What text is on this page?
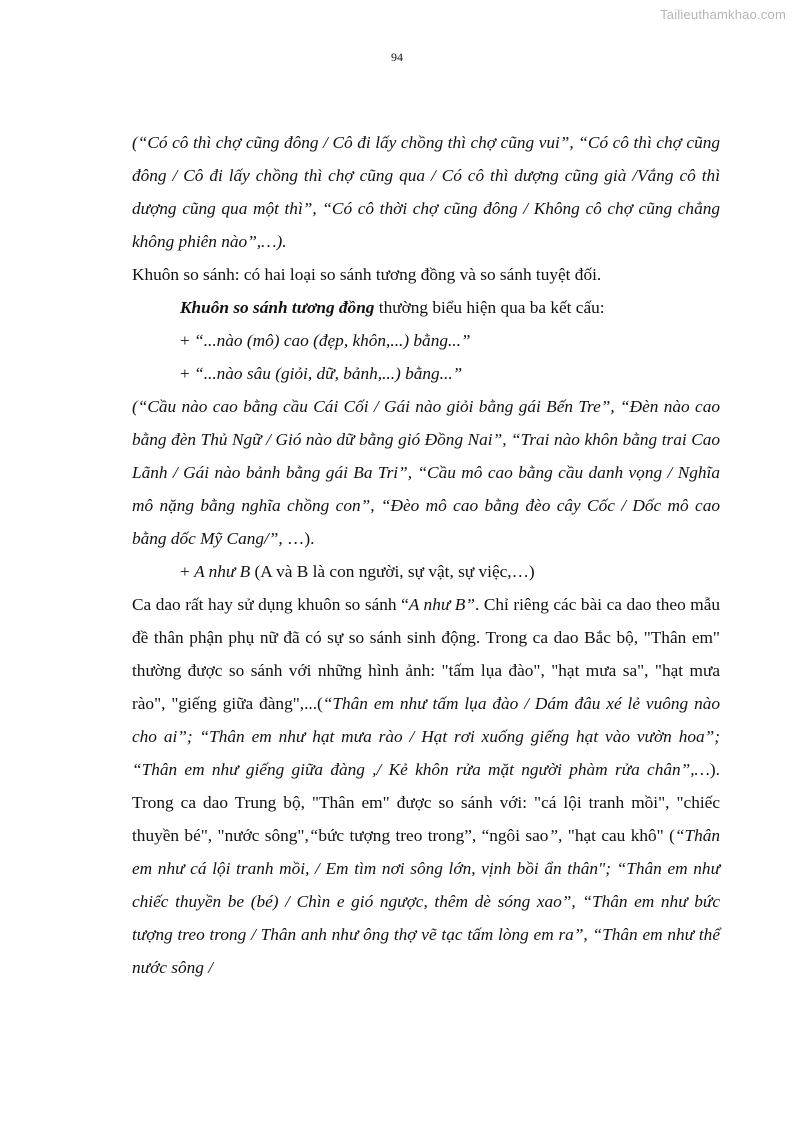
Tailieuthamkhao.com
94

(“Có cô thì chợ cũng đông / Cô đi lấy chồng thì chợ cũng vui”, “Có cô thì chợ cũng đông / Cô đi lấy chồng thì chợ cũng qua / Có cô thì dượng cũng già /Vắng cô thì dượng cũng qua một thì”, “Có cô thời chợ cũng đông / Không cô chợ cũng chẳng không phiên nào”,…).

Khuôn so sánh: có hai loại so sánh tương đồng và so sánh tuyệt đối.

Khuôn so sánh tương đồng thường biểu hiện qua ba kết cấu:

+ “...nào (mô) cao (đẹp, khôn,...) bằng...”

+ “...nào sâu (giỏi, dữ, bảnh,...) bằng...”

(“Cầu nào cao bằng cầu Cái Cối / Gái nào giỏi bằng gái Bến Tre”, “Đèn nào cao bằng đèn Thủ Ngữ / Gió nào dữ bằng gió Đồng Nai”, “Trai nào khôn bằng trai Cao Lãnh / Gái nào bảnh bằng gái Ba Tri”, “Cầu mô cao bằng cầu danh vọng / Nghĩa mô nặng bằng nghĩa chồng con”, “Đèo mô cao bằng đèo cây Cốc / Dốc mô cao bằng dốc Mỹ Cang/”, …).

+ A như B (A và B là con người, sự vật, sự việc,…)

Ca dao rất hay sử dụng khuôn so sánh “A như B”. Chỉ riêng các bài ca dao theo mẫu đề thân phận phụ nữ đã có sự so sánh sinh động. Trong ca dao Bắc bộ, "Thân em" thường được so sánh với những hình ảnh: "tấm lụa đào", "hạt mưa sa", "hạt mưa rào", "giếng giữa đàng",...(“Thân em như tấm lụa đào / Dám đâu xé lẻ vuông nào cho ai”; “Thân em như hạt mưa rào / Hạt rơi xuống giếng hạt vào vườn hoa”; “Thân em như giếng giữa đàng ,/ Kẻ khôn rửa mặt người phàm rửa chân”,…). Trong ca dao Trung bộ, "Thân em" được so sánh với: "cá lội tranh mồi", "chiếc thuyền bé", "nước sông",“bức tượng treo trong”, “ngôi sao”, "hạt cau khô" (“Thân em như cá lội tranh mồi, / Em tìm nơi sông lớn, vịnh bồi ẩn thân"; “Thân em như chiếc thuyền be (bé) / Chìn e gió ngược, thêm dè sóng xao”, “Thân em như bức tượng treo trong / Thân anh như ông thợ vẽ tạc tấm lòng em ra”, “Thân em như thể nước sông /
